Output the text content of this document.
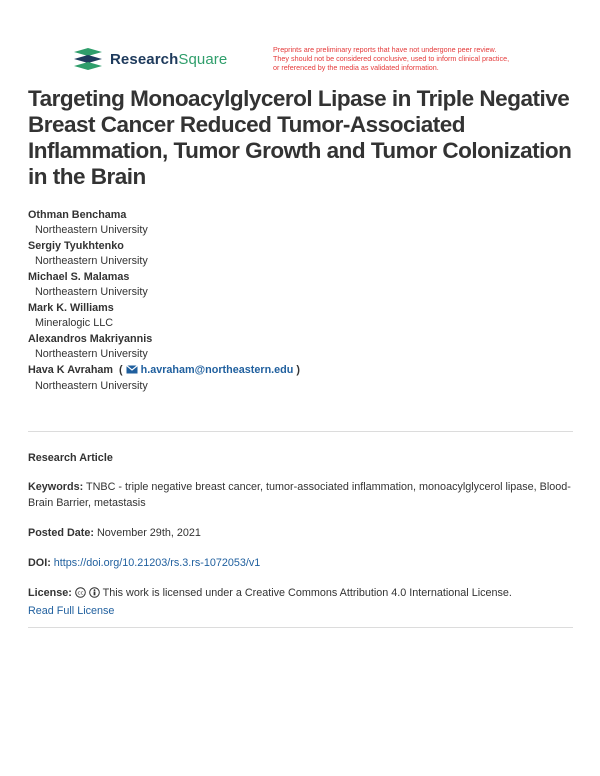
ResearchSquare
Preprints are preliminary reports that have not undergone peer review.
They should not be considered conclusive, used to inform clinical practice,
or referenced by the media as validated information.
Targeting Monoacylglycerol Lipase in Triple Negative Breast Cancer Reduced Tumor-Associated Inflammation, Tumor Growth and Tumor Colonization in the Brain
Othman Benchama
Northeastern University
Sergiy Tyukhtenko
Northeastern University
Michael S. Malamas
Northeastern University
Mark K. Williams
Mineralogic LLC
Alexandros Makriyannis
Northeastern University
Hava K Avraham  ( h.avraham@northeastern.edu )
Northeastern University
Research Article
Keywords: TNBC - triple negative breast cancer, tumor-associated inflammation, monoacylglycerol lipase, Blood-Brain Barrier, metastasis
Posted Date: November 29th, 2021
DOI: https://doi.org/10.21203/rs.3.rs-1072053/v1
License: cc This work is licensed under a Creative Commons Attribution 4.0 International License.
Read Full License
